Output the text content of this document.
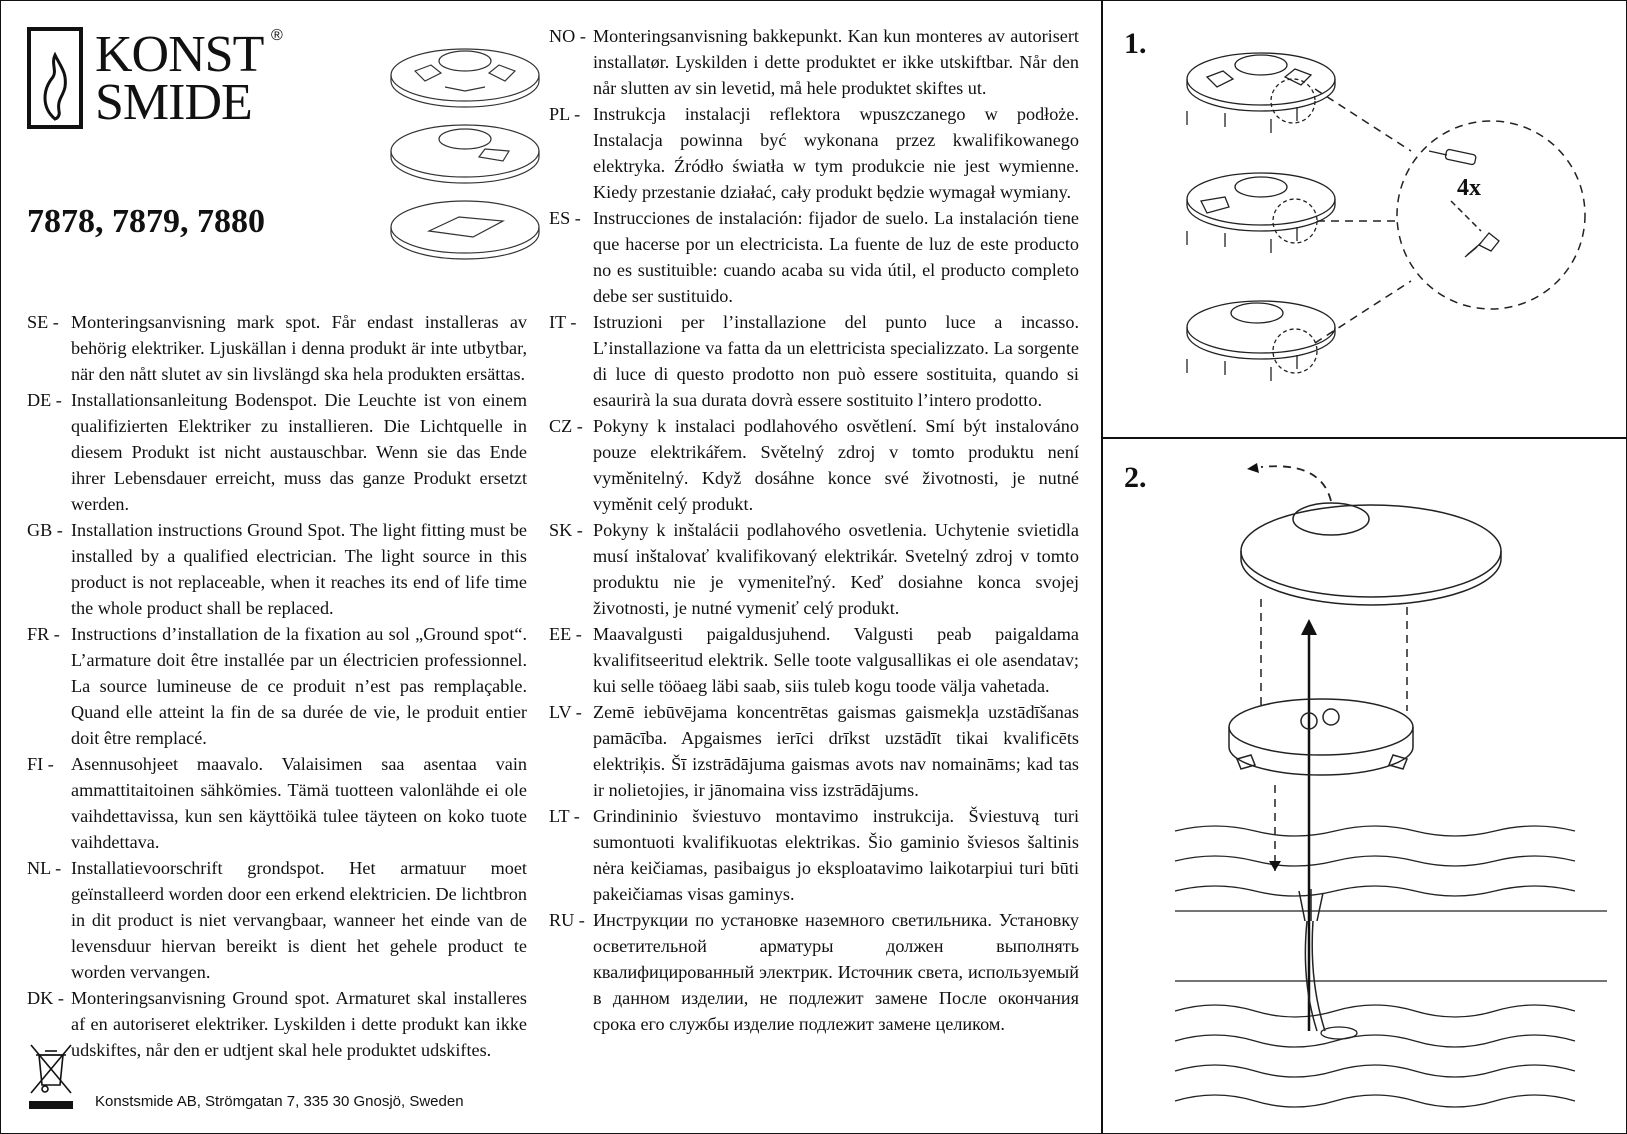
KONST
SMIDE
®
7878, 7879, 7880
SE - Monteringsanvisning mark spot. Får endast installeras av behörig elektriker. Ljuskällan i denna produkt är inte utbytbar, när den nått slutet av sin livslängd ska hela produkten ersättas.
DE - Installationsanleitung Bodenspot. Die Leuchte ist von einem qualifizierten Elektriker zu installieren. Die Lichtquelle in diesem Produkt ist nicht austauschbar. Wenn sie das Ende ihrer Lebensdauer erreicht, muss das ganze Produkt ersetzt werden.
GB - Installation instructions Ground Spot. The light fitting must be installed by a qualified electrician. The light source in this product is not replaceable, when it reaches its end of life time the whole product shall be replaced.
FR - Instructions d’installation de la fixation au sol „Ground spot“. L’armature doit être installée par un électricien professionnel. La source lumineuse de ce produit n’est pas remplaçable. Quand elle atteint la fin de sa durée de vie, le produit entier doit être remplacé.
FI - Asennusohjeet maavalo. Valaisimen saa asentaa vain ammattitaitoinen sähkömies. Tämä tuotteen valonlähde ei ole vaihdettavissa, kun sen käyttöikä tulee täyteen on koko tuote vaihdettava.
NL - Installatievoorschrift grondspot. Het armatuur moet geïnstalleerd worden door een erkend elektricien. De lichtbron in dit product is niet vervangbaar, wanneer het einde van de levensduur hiervan bereikt is dient het gehele product te worden vervangen.
DK - Monteringsanvisning Ground spot. Armaturet skal installeres af en autoriseret elektriker. Lyskilden i dette produkt kan ikke udskiftes, når den er udtjent skal hele produktet udskiftes.
NO - Monteringsanvisning bakkepunkt. Kan kun monteres av autorisert installatør. Lyskilden i dette produktet er ikke utskiftbar. Når den når slutten av sin levetid, må hele produktet skiftes ut.
PL - Instrukcja instalacji reflektora wpuszczanego w podłoże. Instalacja powinna być wykonana przez kwalifikowanego elektryka. Źródło światła w tym produkcie nie jest wymienne. Kiedy przestanie działać, cały produkt będzie wymagał wymiany.
ES - Instrucciones de instalación: fijador de suelo. La instalación tiene que hacerse por un electricista. La fuente de luz de este producto no es sustituible: cuando acaba su vida útil, el producto completo debe ser sustituido.
IT - Istruzioni per l’installazione del punto luce a incasso. L’installazione va fatta da un elettricista specializzato. La sorgente di luce di questo prodotto non può essere sostituita, quando si esaurirà la sua durata dovrà essere sostituito l’intero prodotto.
CZ - Pokyny k instalaci podlahového osvětlení. Smí být instalováno pouze elektrikářem. Světelný zdroj v tomto produktu není vyměnitelný. Když dosáhne konce své životnosti, je nutné vyměnit celý produkt.
SK - Pokyny k inštalácii podlahového osvetlenia. Uchytenie svietidla musí inštalovať kvalifikovaný elektrikár. Svetelný zdroj v tomto produktu nie je vymeniteľný. Keď dosiahne konca svojej životnosti, je nutné vymeniť celý produkt.
EE - Maavalgusti paigaldusjuhend. Valgusti peab paigaldama kvalifitseeritud elektrik. Selle toote valgusallikas ei ole asendatav; kui selle tööaeg läbi saab, siis tuleb kogu toode välja vahetada.
LV - Zemē iebūvējama koncentrētas gaismas gaismekļa uzstādīšanas pamācība. Apgaismes ierīci drīkst uzstādīt tikai kvalificēts elektriķis. Šī izstrādājuma gaismas avots nav nomaināms; kad tas ir nolietojies, ir jānomaina viss izstrādājums.
LT - Grindininio šviestuvo montavimo instrukcija. Šviestuvą turi sumontuoti kvalifikuotas elektrikas. Šio gaminio šviesos šaltinis nėra keičiamas, pasibaigus jo eksploatavimo laikotarpiui turi būti pakeičiamas visas gaminys.
RU - Инструкции по установке наземного светильника. Установку осветительной арматуры должен выполнять квалифицированный электрик. Источник света, используемый в данном изделии, не подлежит замене После окончания срока его службы изделие подлежит замене целиком.
1.
2.
4x
Konstsmide AB, Strömgatan 7, 335 30 Gnosjö, Sweden
